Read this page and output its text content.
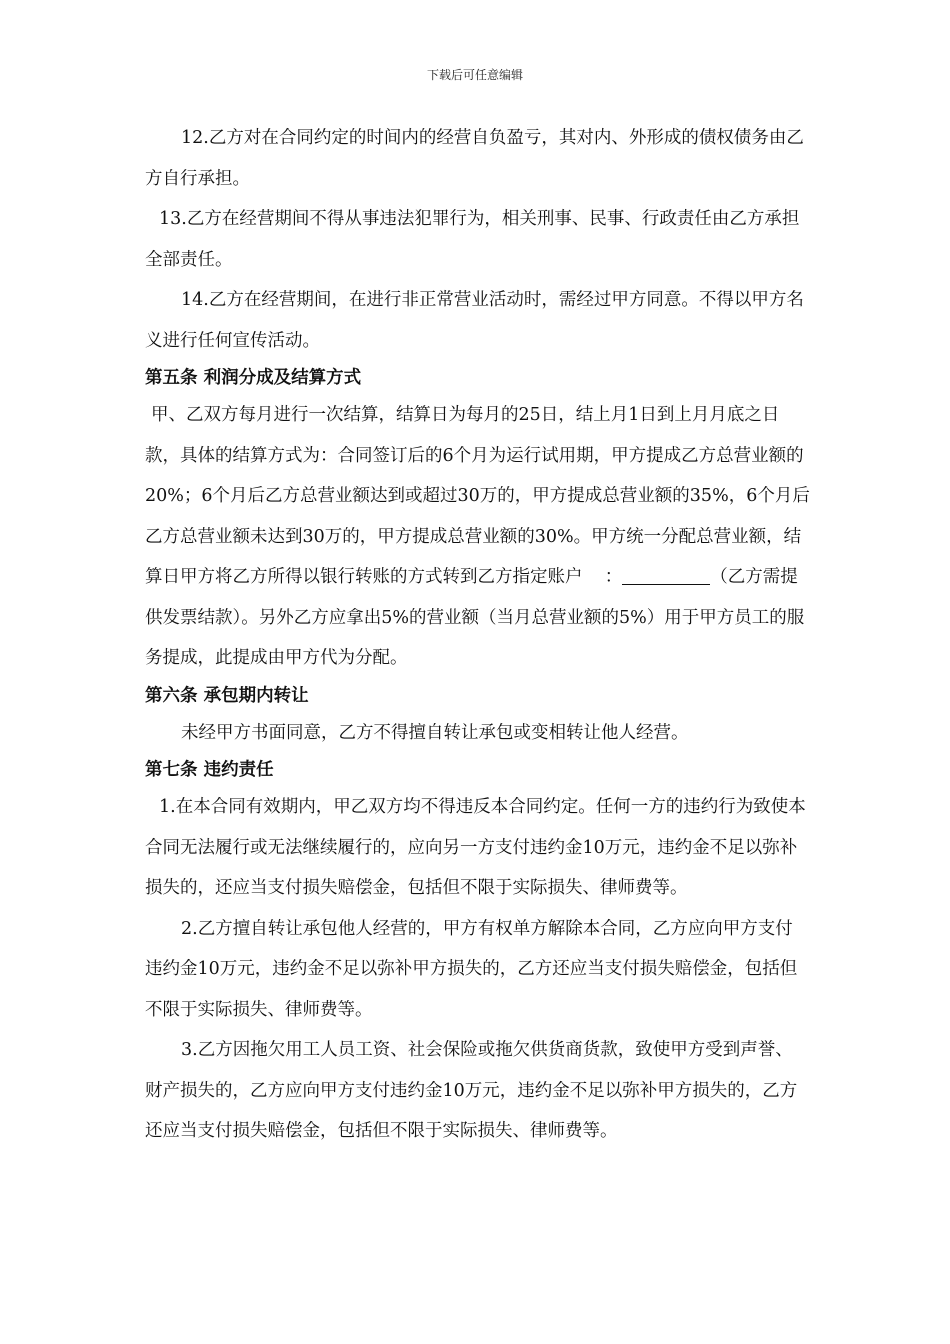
下载后可任意编辑

12.乙方对在合同约定的时间内的经营自负盈亏，其对内、外形成的债权债务由乙方自行承担。

13.乙方在经营期间不得从事违法犯罪行为，相关刑事、民事、行政责任由乙方承担全部责任。

14.乙方在经营期间，在进行非正常营业活动时，需经过甲方同意。不得以甲方名义进行任何宣传活动。

第五条 利润分成及结算方式

甲、乙双方每月进行一次结算，结算日为每月的25日，结上月1日到上月月底之日款，具体的结算方式为：合同签订后的6个月为运行试用期，甲方提成乙方总营业额的20%；6个月后乙方总营业额达到或超过30万的，甲方提成总营业额的35%，6个月后乙方总营业额未达到30万的，甲方提成总营业额的30%。甲方统一分配总营业额，结算日甲方将乙方所得以银行转账的方式转到乙方指定账户 ：	（乙方需提供发票结款）。另外乙方应拿出5%的营业额（当月总营业额的5%）用于甲方员工的服务提成，此提成由甲方代为分配。

第六条 承包期内转让

未经甲方书面同意，乙方不得擅自转让承包或变相转让他人经营。

第七条 违约责任

1.在本合同有效期内，甲乙双方均不得违反本合同约定。任何一方的违约行为致使本合同无法履行或无法继续履行的，应向另一方支付违约金10万元，违约金不足以弥补损失的，还应当支付损失赔偿金，包括但不限于实际损失、律师费等。

2.乙方擅自转让承包他人经营的，甲方有权单方解除本合同，乙方应向甲方支付违约金10万元，违约金不足以弥补甲方损失的，乙方还应当支付损失赔偿金，包括但不限于实际损失、律师费等。

3.乙方因拖欠用工人员工资、社会保险或拖欠供货商货款，致使甲方受到声誉、财产损失的，乙方应向甲方支付违约金10万元，违约金不足以弥补甲方损失的，乙方还应当支付损失赔偿金，包括但不限于实际损失、律师费等。
